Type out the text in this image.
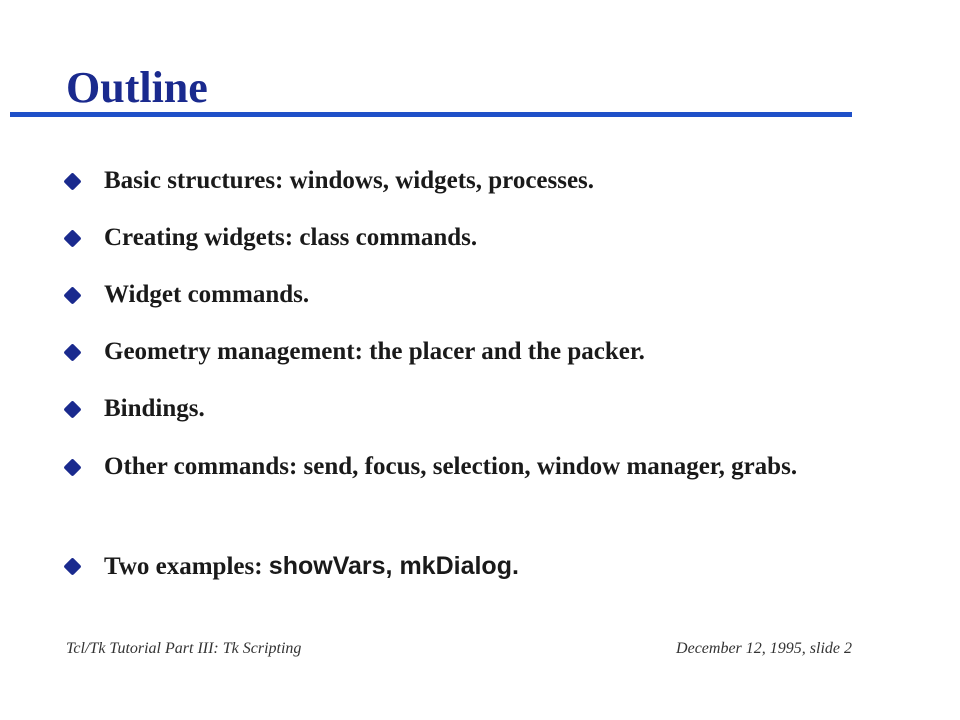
Outline
Basic structures: windows, widgets, processes.
Creating widgets: class commands.
Widget commands.
Geometry management: the placer and the packer.
Bindings.
Other commands: send, focus, selection, window manager, grabs.
Two examples: showVars, mkDialog.
Tcl/Tk Tutorial Part III: Tk Scripting	December 12, 1995, slide 2
